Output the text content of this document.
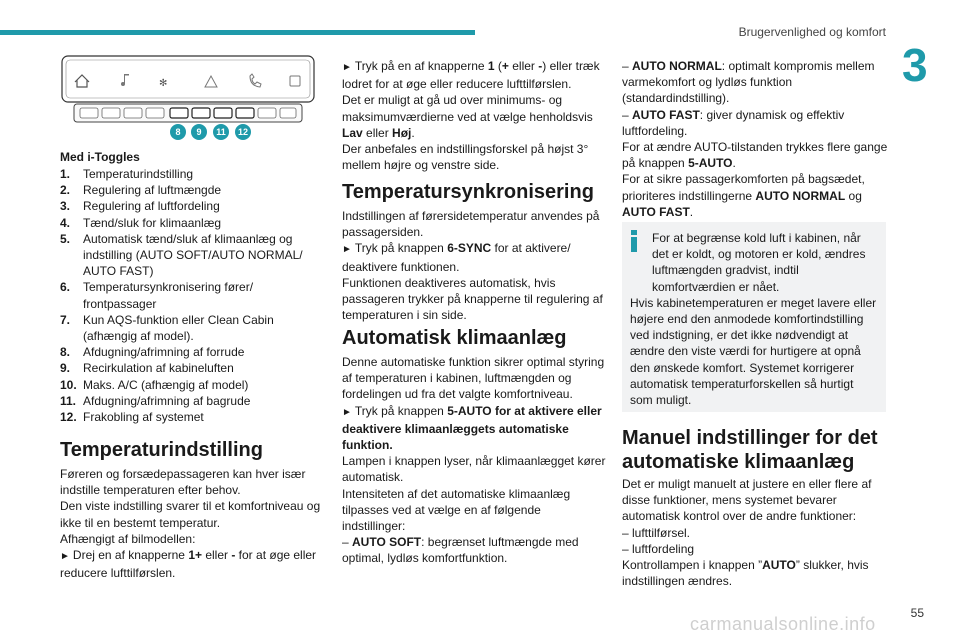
Brugervenlighed og komfort
3
✻
8 9 11 12
Med i-Toggles
1.	Temperaturindstilling
2.	Regulering af luftmængde
3.	Regulering af luftfordeling
4.	Tænd/sluk for klimaanlæg
5.	Automatisk tænd/sluk af klimaanlæg og indstilling (AUTO SOFT/AUTO NORMAL/ AUTO FAST)
6.	Temperatursynkronisering fører/ frontpassager
7.	Kun AQS-funktion eller Clean Cabin (afhængig af model).
8.	Afdugning/afrimning af forrude
9.	Recirkulation af kabineluften
10. Maks. A/C (afhængig af model)
11. Afdugning/afrimning af bagrude
12. Frakobling af systemet
Temperaturindstilling
Føreren og forsædepassageren kan hver især indstille temperaturen efter behov.
Den viste indstilling svarer til et komfortniveau og ikke til en bestemt temperatur.
Afhængigt af bilmodellen:
► Drej en af knapperne 1+ eller - for at øge eller reducere lufttilførslen.
► Tryk på en af knapperne 1 (+ eller -) eller træk lodret for at øge eller reducere lufttilførslen.
Det er muligt at gå ud over minimums- og maksimumværdierne ved at vælge henholdsvis Lav eller Høj.
Der anbefales en indstillingsforskel på højst 3° mellem højre og venstre side.
Temperatursynkronisering
Indstillingen af førersidetemperatur anvendes på passagersiden.
► Tryk på knappen 6-SYNC for at aktivere/ deaktivere funktionen.
Funktionen deaktiveres automatisk, hvis passageren trykker på knapperne til regulering af temperaturen i sin side.
Automatisk klimaanlæg
Denne automatiske funktion sikrer optimal styring af temperaturen i kabinen, luftmængden og fordelingen ud fra det valgte komfortniveau.
► Tryk på knappen 5-AUTO for at aktivere eller deaktivere klimaanlæggets automatiske funktion.
Lampen i knappen lyser, når klimaanlægget kører automatisk.
Intensiteten af det automatiske klimaanlæg tilpasses ved at vælge en af følgende indstillinger:
– AUTO SOFT: begrænset luftmængde med optimal, lydløs komfortfunktion.
– AUTO NORMAL: optimalt kompromis mellem varmekomfort og lydløs funktion (standardindstilling).
– AUTO FAST: giver dynamisk og effektiv luftfordeling.
For at ændre AUTO-tilstanden trykkes flere gange på knappen 5-AUTO.
For at sikre passagerkomforten på bagsædet, prioriteres indstillingerne AUTO NORMAL og AUTO FAST.
For at begrænse kold luft i kabinen, når det er koldt, og motoren er kold, ændres luftmængden gradvist, indtil komfortværdien er nået.
Hvis kabinetemperaturen er meget lavere eller højere end den anmodede komfortindstilling ved indstigning, er det ikke nødvendigt at ændre den viste værdi for hurtigere at opnå den ønskede komfort. Systemet korrigerer automatisk temperaturforskellen så hurtigt som muligt.
Manuel indstillinger for det automatiske klimaanlæg
Det er muligt manuelt at justere en eller flere af disse funktioner, mens systemet bevarer automatisk kontrol over de andre funktioner:
– lufttilførsel.
– luftfordeling
Kontrollampen i knappen ”AUTO” slukker, hvis indstillingen ændres.
55
carmanualsonline.info
